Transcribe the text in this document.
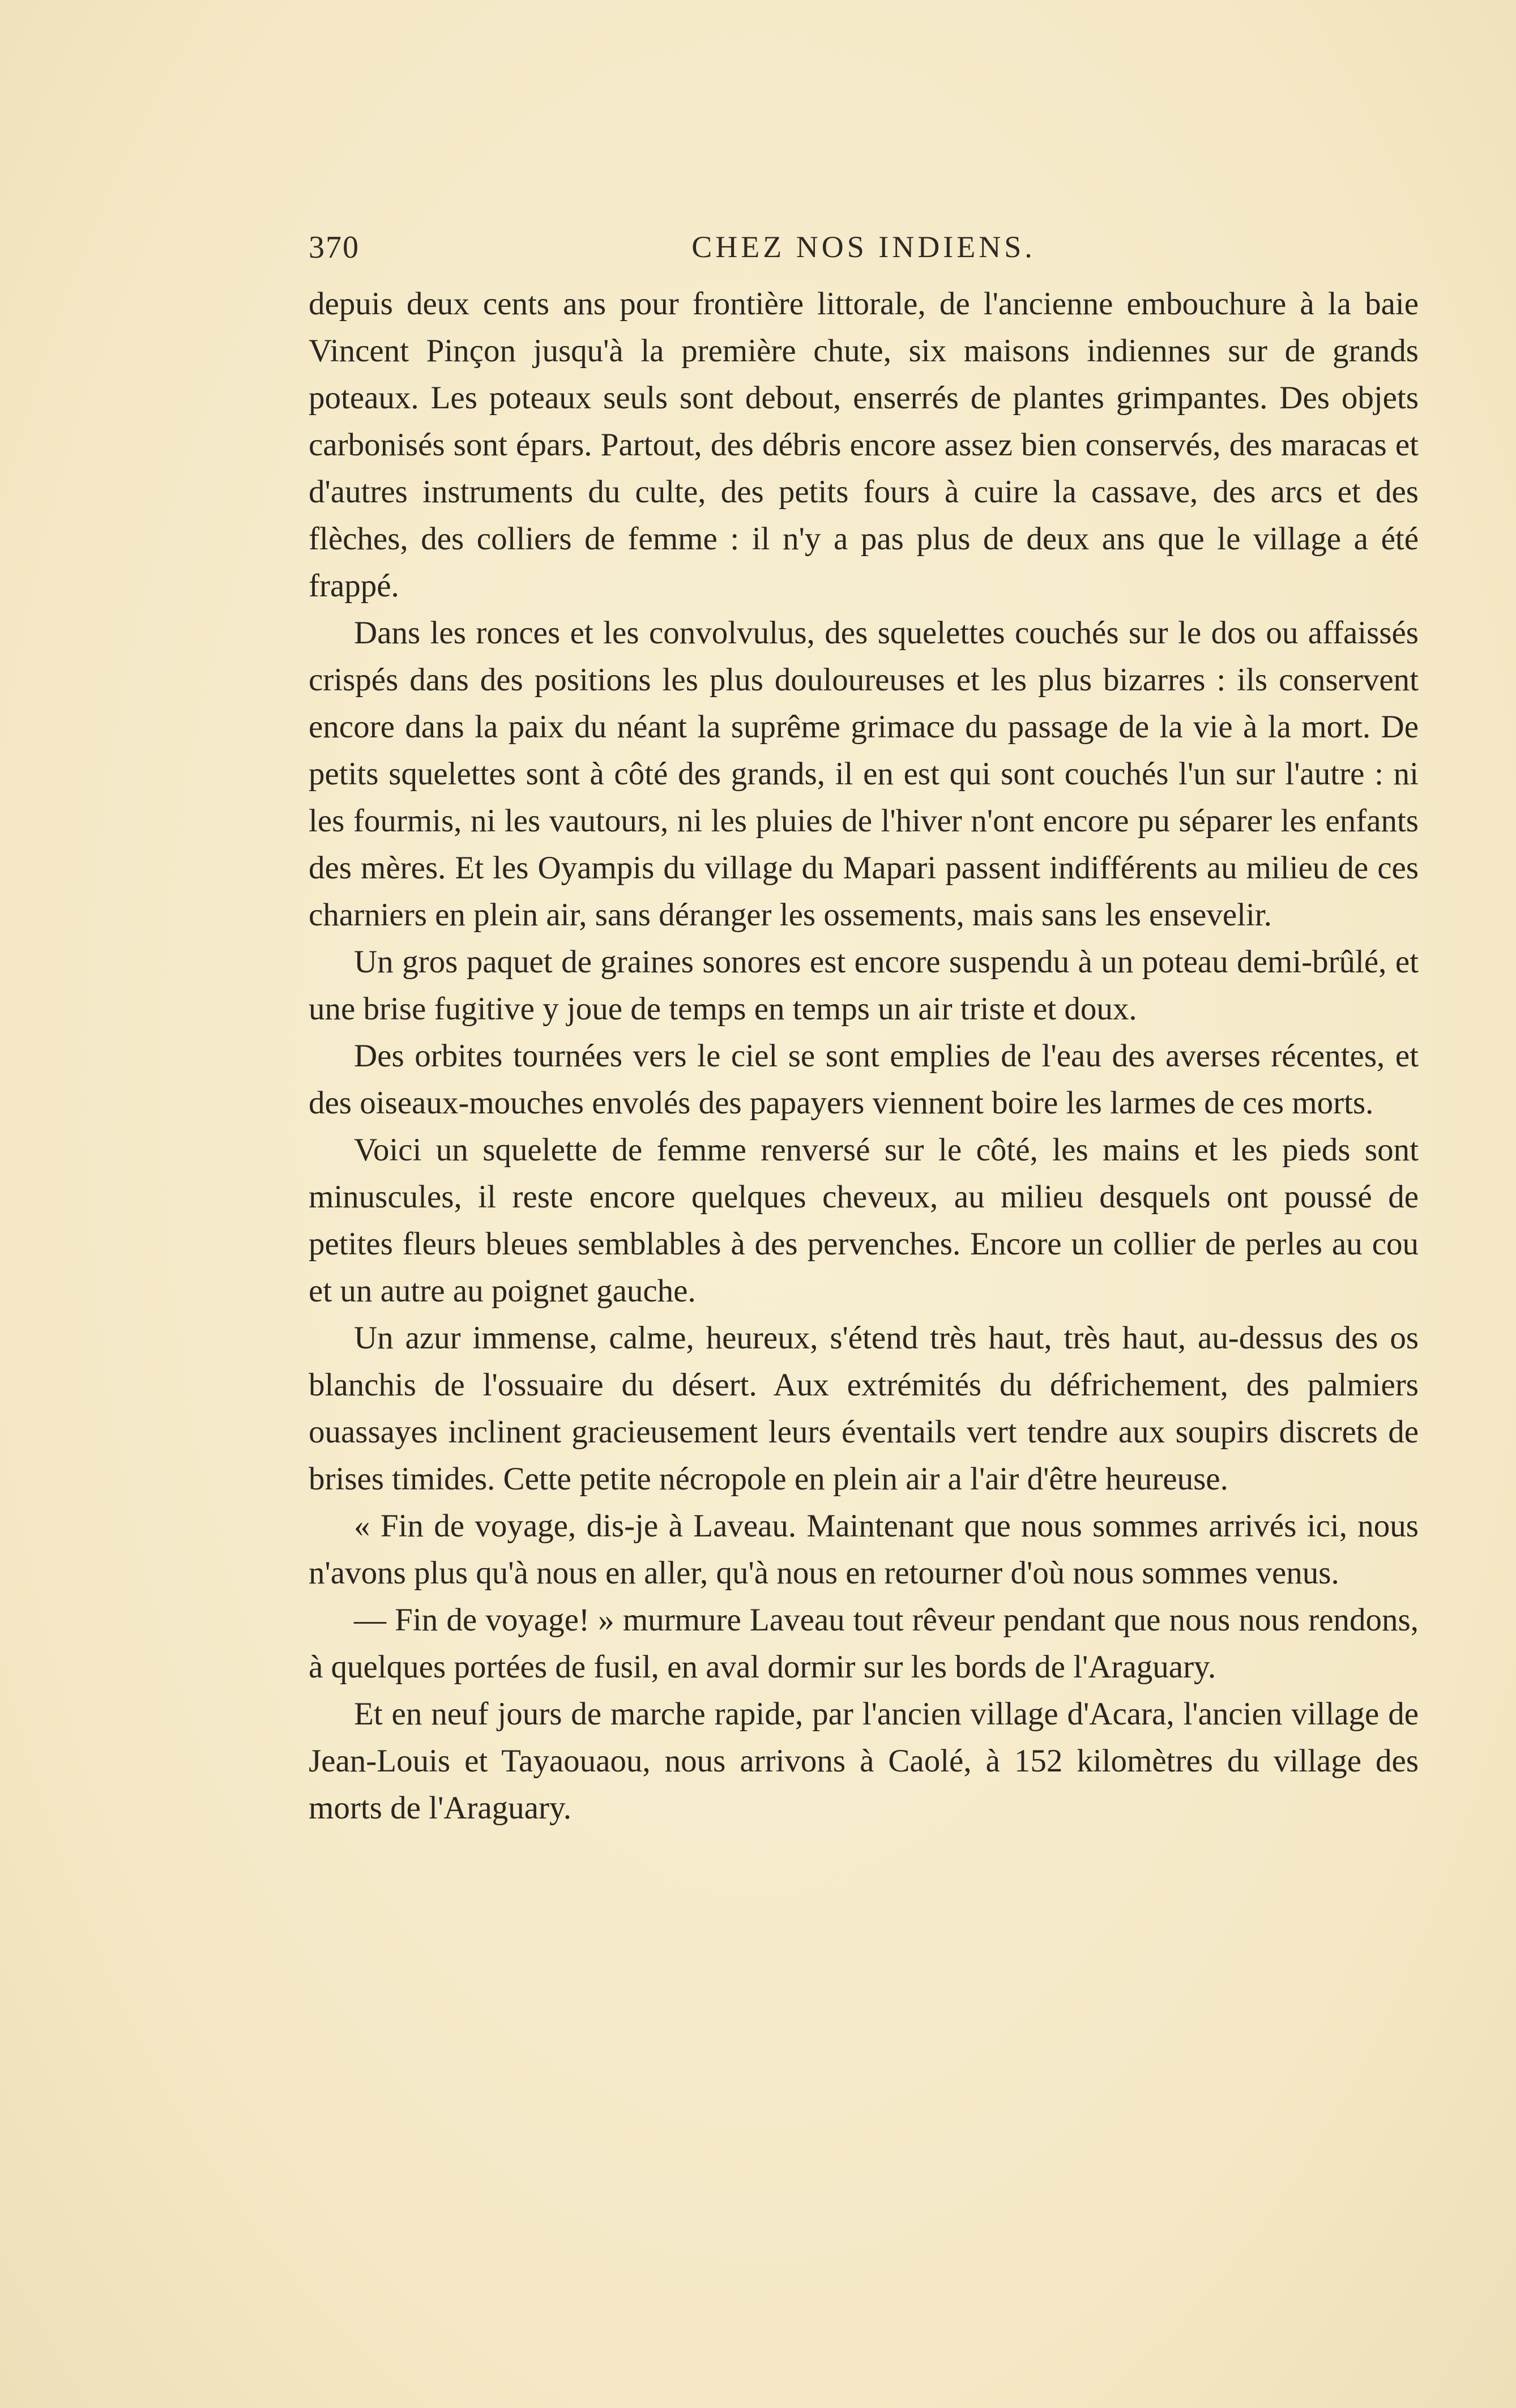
370	CHEZ NOS INDIENS.

depuis deux cents ans pour frontière littorale, de l'ancienne embouchure à la baie Vincent Pinçon jusqu'à la première chute, six maisons indiennes sur de grands poteaux. Les poteaux seuls sont debout, enserrés de plantes grimpantes. Des objets carbonisés sont épars. Partout, des débris encore assez bien conservés, des maracas et d'autres instruments du culte, des petits fours à cuire la cassave, des arcs et des flèches, des colliers de femme : il n'y a pas plus de deux ans que le village a été frappé.

Dans les ronces et les convolvulus, des squelettes couchés sur le dos ou affaissés crispés dans des positions les plus douloureuses et les plus bizarres : ils conservent encore dans la paix du néant la suprême grimace du passage de la vie à la mort. De petits squelettes sont à côté des grands, il en est qui sont couchés l'un sur l'autre : ni les fourmis, ni les vautours, ni les pluies de l'hiver n'ont encore pu séparer les enfants des mères. Et les Oyampis du village du Mapari passent indifférents au milieu de ces charniers en plein air, sans déranger les ossements, mais sans les ensevelir.

Un gros paquet de graines sonores est encore suspendu à un poteau demi-brûlé, et une brise fugitive y joue de temps en temps un air triste et doux.

Des orbites tournées vers le ciel se sont emplies de l'eau des averses récentes, et des oiseaux-mouches envolés des papayers viennent boire les larmes de ces morts.

Voici un squelette de femme renversé sur le côté, les mains et les pieds sont minuscules, il reste encore quelques cheveux, au milieu desquels ont poussé de petites fleurs bleues semblables à des pervenches. Encore un collier de perles au cou et un autre au poignet gauche.

Un azur immense, calme, heureux, s'étend très haut, très haut, au-dessus des os blanchis de l'ossuaire du désert. Aux extrémités du défrichement, des palmiers ouassayes inclinent gracieusement leurs éventails vert tendre aux soupirs discrets de brises timides. Cette petite nécropole en plein air a l'air d'être heureuse.

« Fin de voyage, dis-je à Laveau. Maintenant que nous sommes arrivés ici, nous n'avons plus qu'à nous en aller, qu'à nous en retourner d'où nous sommes venus.

— Fin de voyage! » murmure Laveau tout rêveur pendant que nous nous rendons, à quelques portées de fusil, en aval dormir sur les bords de l'Araguary.

Et en neuf jours de marche rapide, par l'ancien village d'Acara, l'ancien village de Jean-Louis et Tayaouaou, nous arrivons à Caolé, à 152 kilomètres du village des morts de l'Araguary.
